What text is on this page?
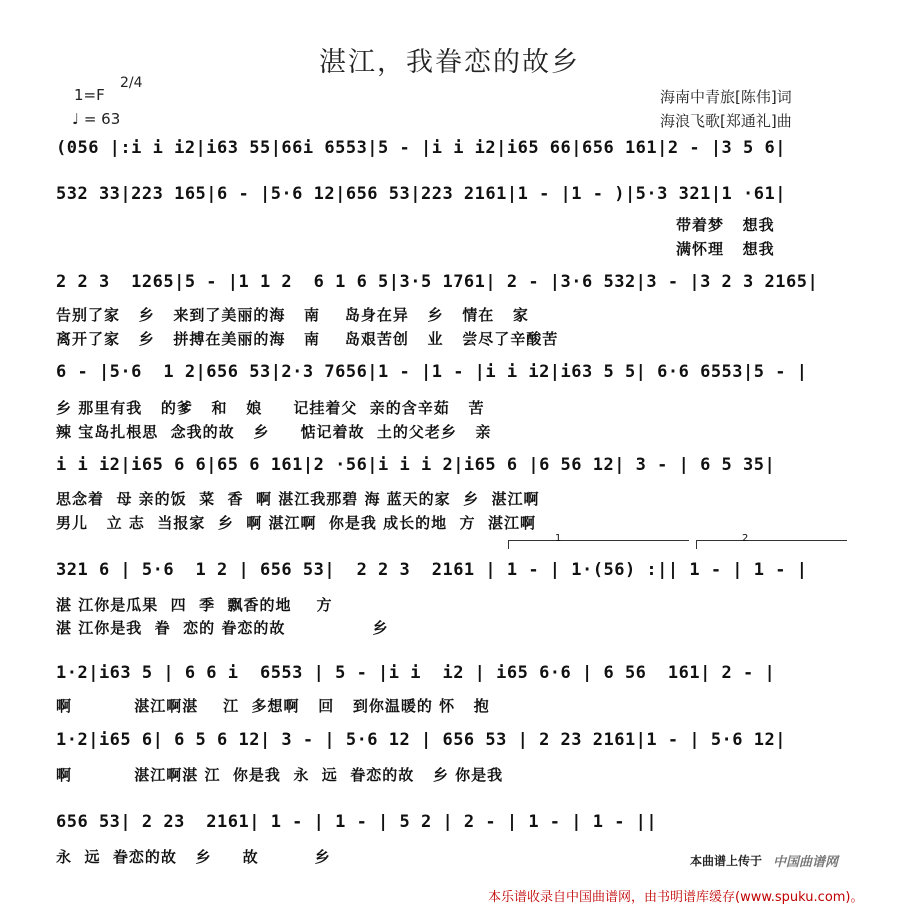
湛江，我眷恋的故乡
1=F
2/4
♩ = 63
海南中青旅[陈伟]词
海浪飞歌[郑通礼]曲
(056 |:i i i2|i63 55|66i 6553|5 - |i i i2|i65 66|656 161|2 - |3 5 6|
532 33|223 165|6 - |5·6 12|656 53|223 2161|1 - |1 - )|5·3 321|1 ·61|
带着梦   想我
满怀理   想我
2 2 3  1265|5 - |1 1 2  6 1 6 5|3·5 1761| 2 - |3·6 532|3 - |3 2 3 2165|
告别了家   乡   来到了美丽的海   南    岛身在异   乡   情在   家
离开了家   乡   拼搏在美丽的海   南    岛艰苦创   业   尝尽了辛酸苦
6 - |5·6  1 2|656 53|2·3 7656|1 - |1 - |i i i2|i63 5 5| 6·6 6553|5 - |
乡 那里有我   的爹   和   娘     记挂着父  亲的含辛茹   苦
辣 宝岛扎根思  念我的故   乡     惦记着故  土的父老乡   亲
i i i2|i65 6 6|65 6 161|2 ·56|i i i 2|i65 6 |6 56 12| 3 - | 6 5 35|
思念着  母 亲的饭  菜  香  啊 湛江我那碧 海 蓝天的家  乡  湛江啊
男儿   立 志  当报家  乡  啊 湛江啊  你是我 成长的地  方  湛江啊
1	2
321 6 | 5·6  1 2 | 656 53|  2 2 3  2161 | 1 - | 1·(56) :|| 1 - | 1 - |
湛 江你是瓜果  四  季  飘香的地    方
湛 江你是我  眷  恋的 眷恋的故              乡
1·2|i63 5 | 6 6 i  6553 | 5 - |i i  i2 | i65 6·6 | 6 56  161| 2 - |
啊          湛江啊湛    江  多想啊   回   到你温暖的 怀   抱
1·2|i65 6| 6 5 6 12| 3 - | 5·6 12 | 656 53 | 2 23 2161|1 - | 5·6 12|
啊          湛江啊湛 江  你是我  永  远  眷恋的故   乡 你是我
656 53| 2 23  2161| 1 - | 1 - | 5 2 | 2 - | 1 - | 1 - ||
永  远  眷恋的故   乡     故         乡	本曲谱上传于 中国曲谱网
本乐谱收录自中国曲谱网，由书明谱库缓存(www.spuku.com)。
